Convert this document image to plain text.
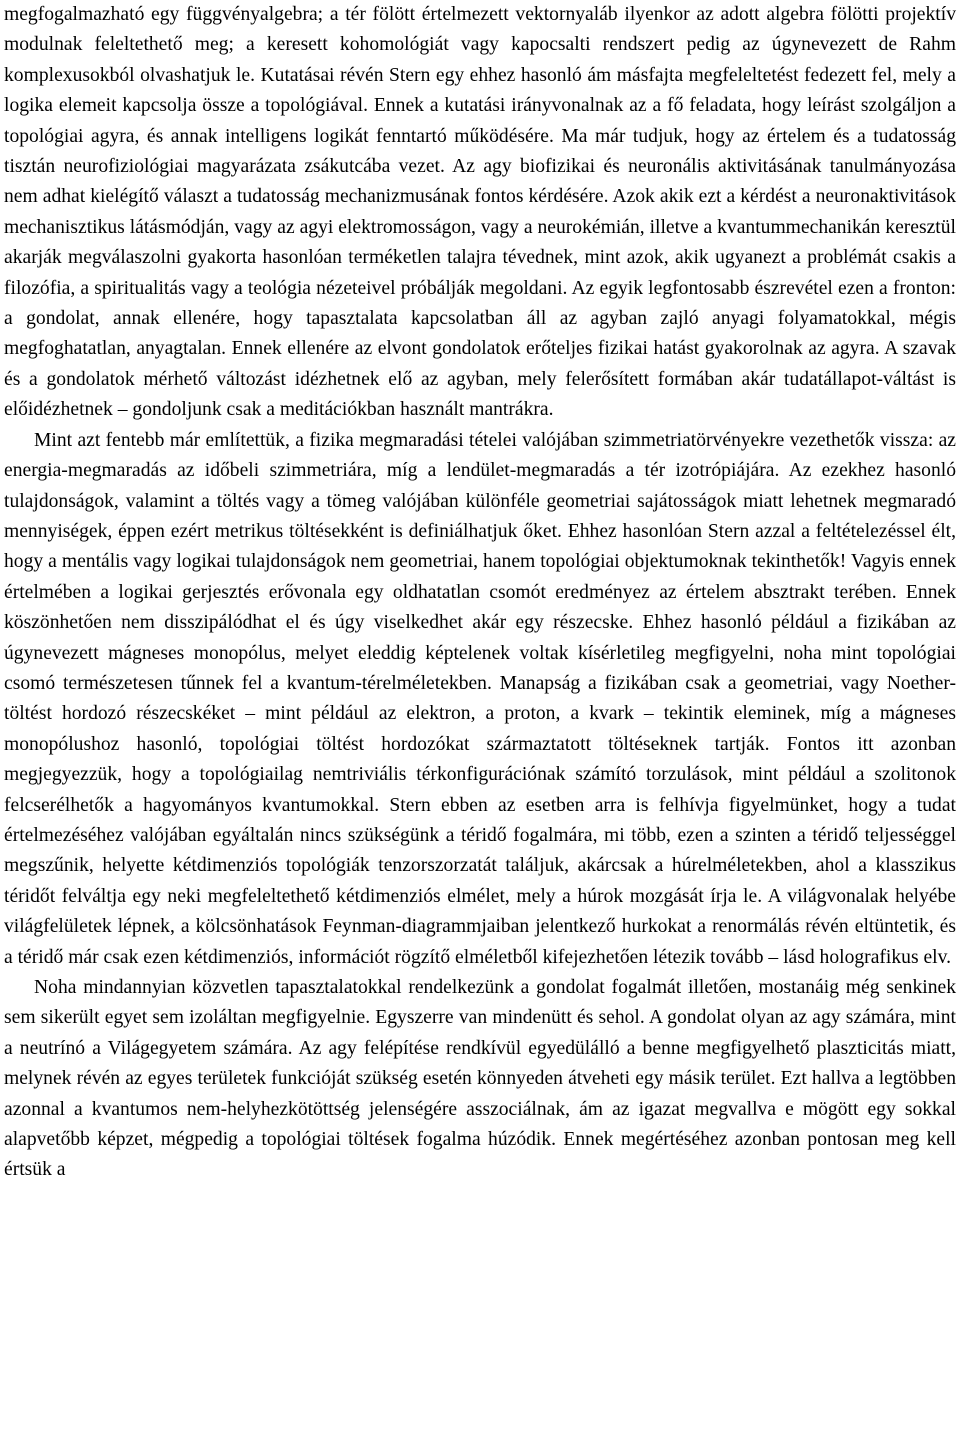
megfogalmazható egy függvényalgebra; a tér fölött értelmezett vektornyaláb ilyenkor az adott algebra fölötti projektív modulnak feleltethető meg; a keresett kohomológiát vagy kapocsalti rendszert pedig az úgynevezett de Rahm komplexusokból olvashatjuk le. Kutatásai révén Stern egy ehhez hasonló ám másfajta megfeleltetést fedezett fel, mely a logika elemeit kapcsolja össze a topológiával. Ennek a kutatási irányvonalnak az a fő feladata, hogy leírást szolgáljon a topológiai agyra, és annak intelligens logikát fenntartó működésére. Ma már tudjuk, hogy az értelem és a tudatosság tisztán neurofiziológiai magyarázata zsákutcába vezet. Az agy biofizikai és neuronális aktivitásának tanulmányozása nem adhat kielégítő választ a tudatosság mechanizmusának fontos kérdésére. Azok akik ezt a kérdést a neuronaktivitások mechanisztikus látásmódján, vagy az agyi elektromosságon, vagy a neurokémián, illetve a kvantummechanikán keresztül akarják megválaszolni gyakorta hasonlóan terméketlen talajra tévednek, mint azok, akik ugyanezt a problémát csakis a filozófia, a spiritualitás vagy a teológia nézeteivel próbálják megoldani. Az egyik legfontosabb észrevétel ezen a fronton: a gondolat, annak ellenére, hogy tapasztalata kapcsolatban áll az agyban zajló anyagi folyamatokkal, mégis megfoghatatlan, anyagtalan. Ennek ellenére az elvont gondolatok erőteljes fizikai hatást gyakorolnak az agyra. A szavak és a gondolatok mérhető változást idézhetnek elő az agyban, mely felerősített formában akár tudatállapot-váltást is előidézhetnek – gondoljunk csak a meditációkban használt mantrákra.

Mint azt fentebb már említettük, a fizika megmaradási tételei valójában szimmetriatörvényekre vezethetők vissza: az energia-megmaradás az időbeli szimmetriára, míg a lendület-megmaradás a tér izotrópiájára. Az ezekhez hasonló tulajdonságok, valamint a töltés vagy a tömeg valójában különféle geometriai sajátosságok miatt lehetnek megmaradó mennyiségek, éppen ezért metrikus töltésekként is definiálhatjuk őket. Ehhez hasonlóan Stern azzal a feltételezéssel élt, hogy a mentális vagy logikai tulajdonságok nem geometriai, hanem topológiai objektumoknak tekinthetők! Vagyis ennek értelmében a logikai gerjesztés erővonala egy oldhatatlan csomót eredményez az értelem absztrakt terében. Ennek köszönhetően nem disszipálódhat el és úgy viselkedhet akár egy részecske. Ehhez hasonló például a fizikában az úgynevezett mágneses monopólus, melyet eleddig képtelenek voltak kísérletileg megfigyelni, noha mint topológiai csomó természetesen tűnnek fel a kvantum-térelméletekben. Manapság a fizikában csak a geometriai, vagy Noether-töltést hordozó részecskéket – mint például az elektron, a proton, a kvark – tekintik eleminek, míg a mágneses monopólushoz hasonló, topológiai töltést hordozókat származtatott töltéseknek tartják. Fontos itt azonban megjegyezzük, hogy a topológiailag nemtriviális térkonfigurációnak számító torzulások, mint például a szolitonok felcserélhetők a hagyományos kvantumokkal. Stern ebben az esetben arra is felhívja figyelmünket, hogy a tudat értelmezéséhez valójában egyáltalán nincs szükségünk a téridő fogalmára, mi több, ezen a szinten a téridő teljességgel megszűnik, helyette kétdimenziós topológiák tenzorszorzatát találjuk, akárcsak a húrelméletekben, ahol a klasszikus téridőt felváltja egy neki megfeleltethető kétdimenziós elmélet, mely a húrok mozgását írja le. A világvonalak helyébe világfelületek lépnek, a kölcsönhatások Feynman-diagrammjaiban jelentkező hurkokat a renormálás révén eltüntetik, és a téridő már csak ezen kétdimenziós, információt rögzítő elméletből kifejezhetően létezik tovább – lásd holografikus elv.

Noha mindannyian közvetlen tapasztalatokkal rendelkezünk a gondolat fogalmát illetően, mostanáig még senkinek sem sikerült egyet sem izoláltan megfigyelnie. Egyszerre van mindenütt és sehol. A gondolat olyan az agy számára, mint a neutrínó a Világegyetem számára. Az agy felépítése rendkívül egyedülálló a benne megfigyelhető plaszticitás miatt, melynek révén az egyes területek funkcióját szükség esetén könnyeden átveheti egy másik terület. Ezt hallva a legtöbben azonnal a kvantumos nem-helyhezkötöttség jelenségére asszociálnak, ám az igazat megvallva e mögött egy sokkal alapvetőbb képzet, mégpedig a topológiai töltések fogalma húzódik. Ennek megértéséhez azonban pontosan meg kell értsük a
